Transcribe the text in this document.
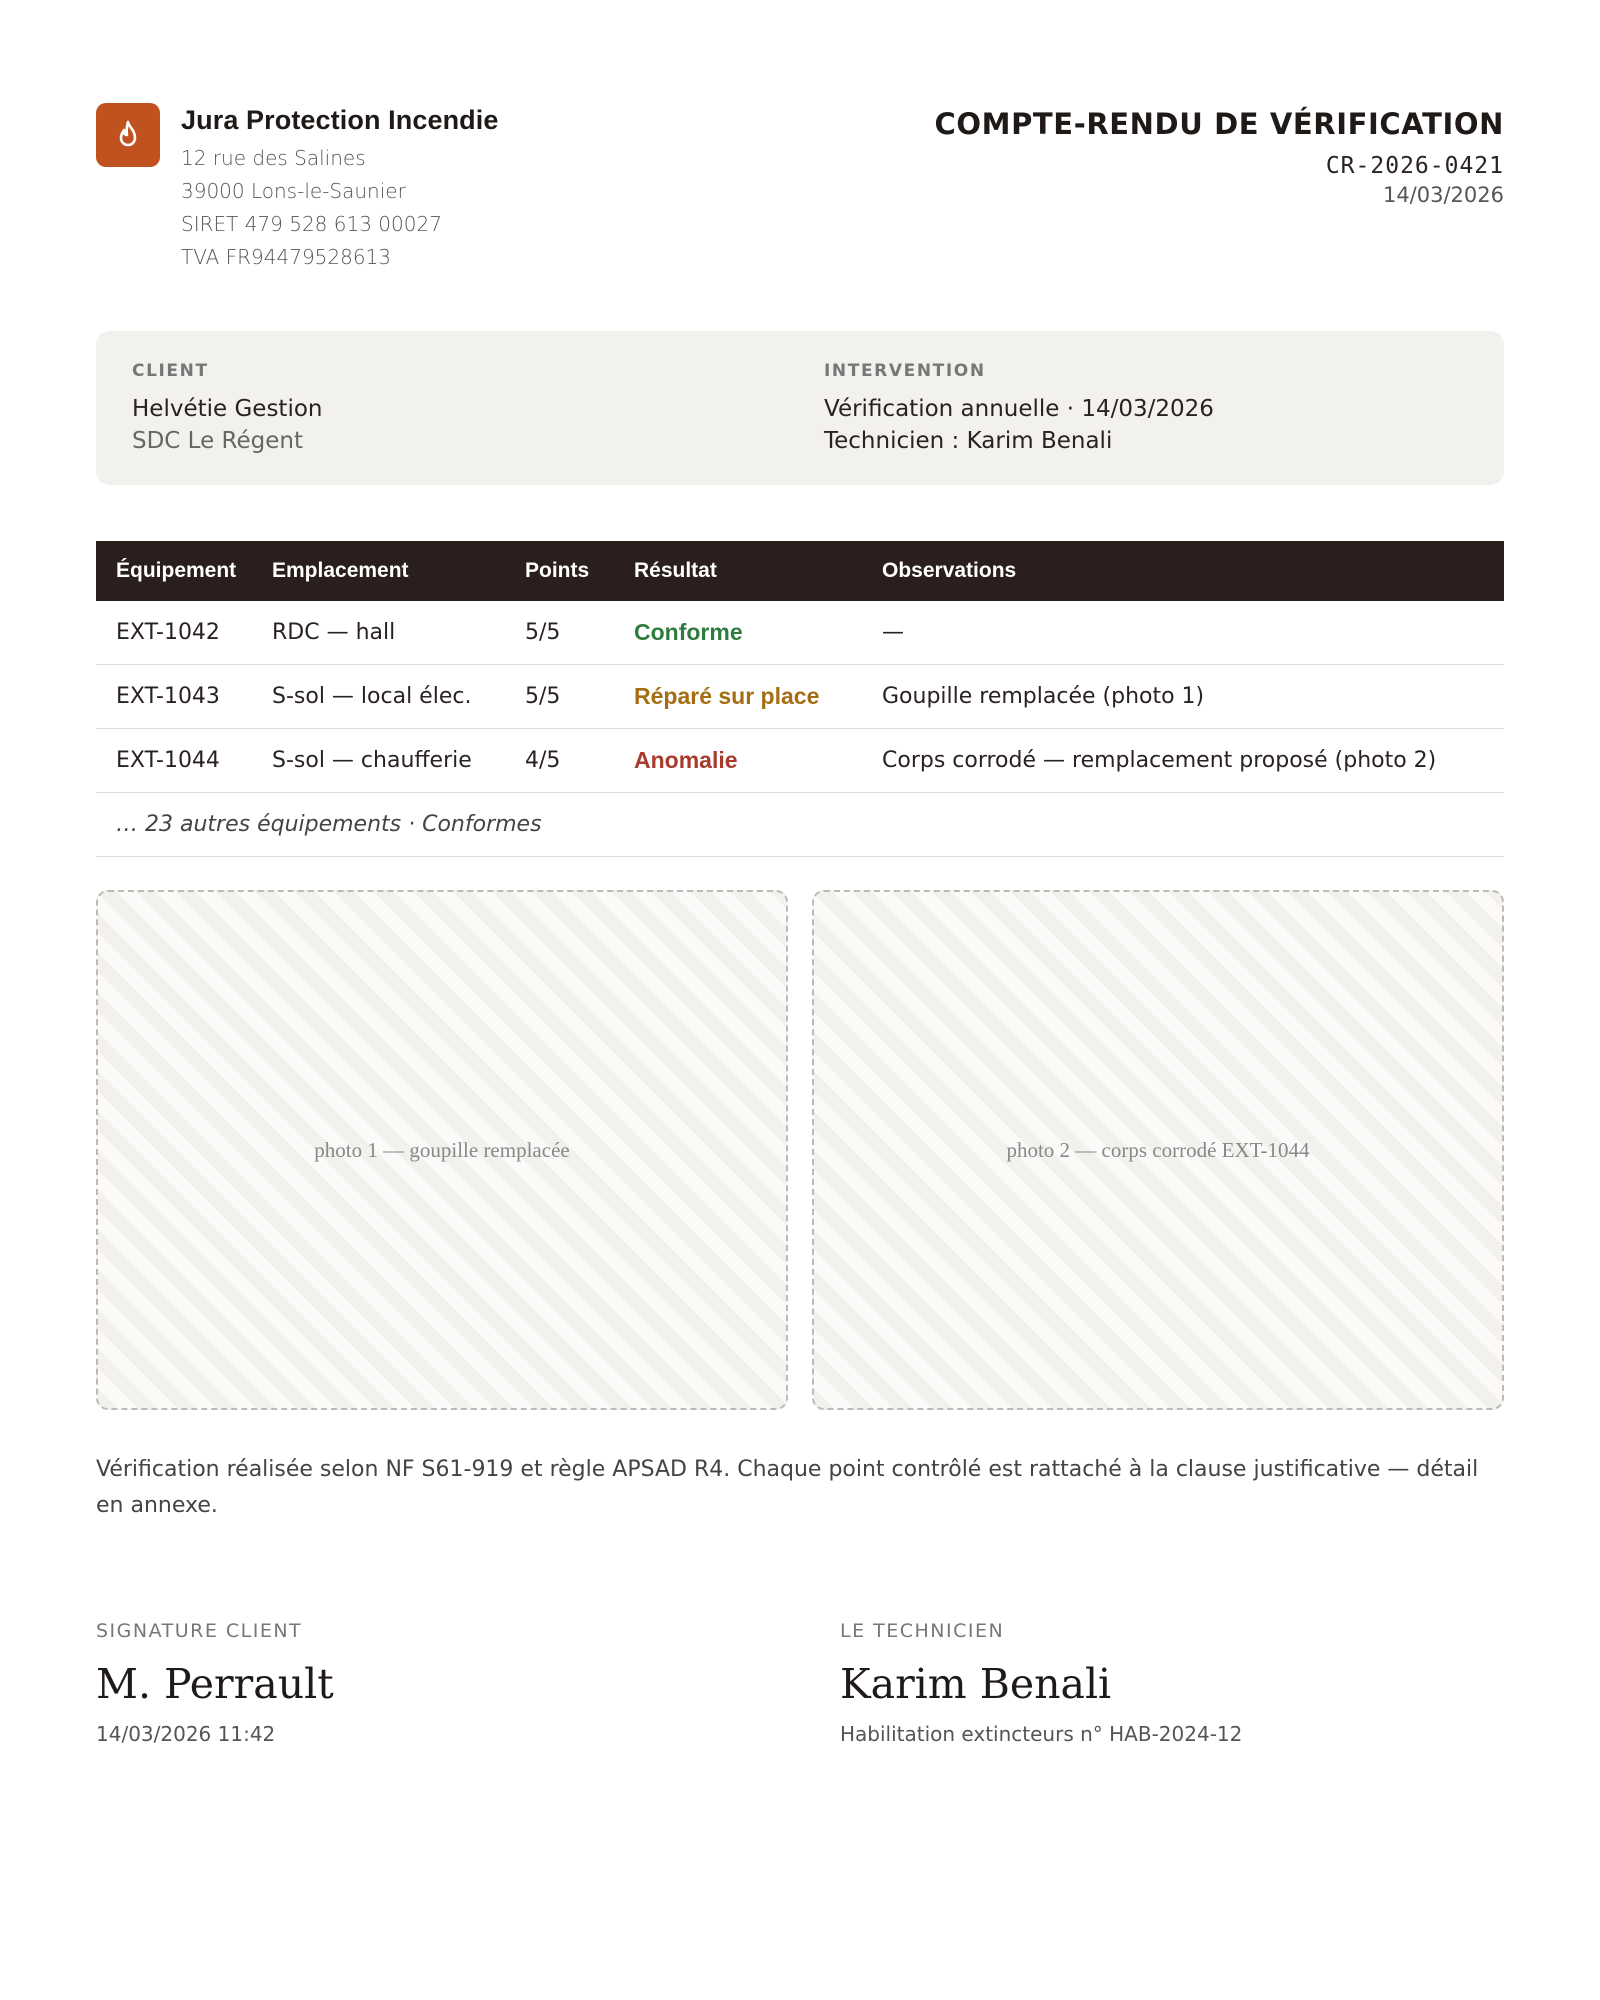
Jura Protection Incendie
12 rue des Salines
39000 Lons-le-Saunier
SIRET 479 528 613 00027
TVA FR94479528613
COMPTE-RENDU DE VÉRIFICATION
CR-2026-0421
14/03/2026
CLIENT
Helvétie Gestion
SDC Le Régent
INTERVENTION
Vérification annuelle · 14/03/2026
Technicien : Karim Benali
Équipement	Emplacement	Points	Résultat	Observations
EXT-1042	RDC — hall	5/5	Conforme	—
EXT-1043	S-sol — local élec.	5/5	Réparé sur place	Goupille remplacée (photo 1)
EXT-1044	S-sol — chaufferie	4/5	Anomalie	Corps corrodé — remplacement proposé (photo 2)
… 23 autres équipements · Conformes
photo 1 — goupille remplacée	photo 2 — corps corrodé EXT-1044
Vérification réalisée selon NF S61-919 et règle APSAD R4. Chaque point contrôlé est rattaché à la clause justificative — détail en annexe.
SIGNATURE CLIENT
M. Perrault
14/03/2026 11:42
LE TECHNICIEN
Karim Benali
Habilitation extincteurs n° HAB-2024-12
